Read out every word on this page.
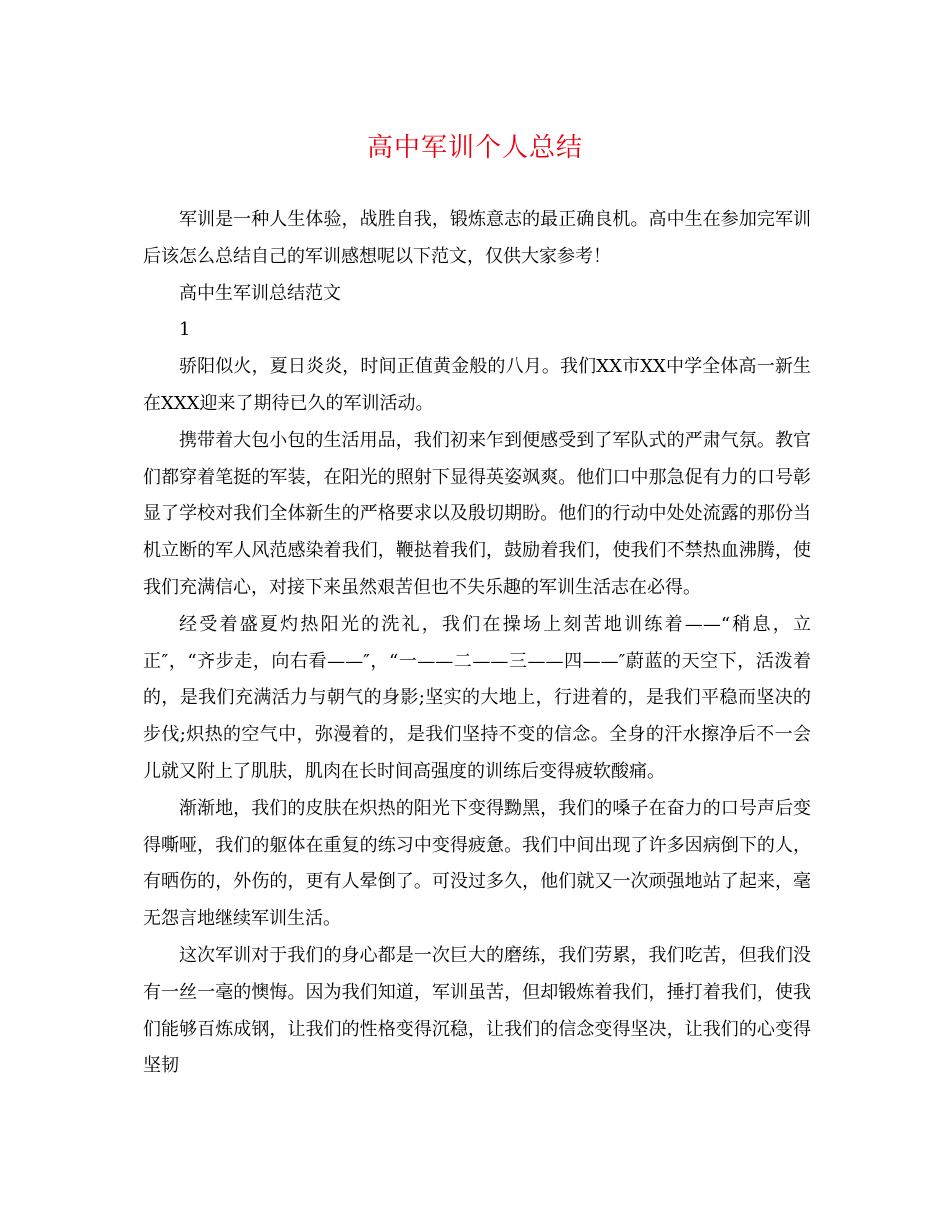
高中军训个人总结

军训是一种人生体验，战胜自我，锻炼意志的最正确良机。高中生在参加完军训后该怎么总结自己的军训感想呢以下范文，仅供大家参考！

高中生军训总结范文

1

骄阳似火，夏日炎炎，时间正值黄金般的八月。我们XX市XX中学全体高一新生在XXX迎来了期待已久的军训活动。

携带着大包小包的生活用品，我们初来乍到便感受到了军队式的严肃气氛。教官们都穿着笔挺的军装，在阳光的照射下显得英姿飒爽。他们口中那急促有力的口号彰显了学校对我们全体新生的严格要求以及殷切期盼。他们的行动中处处流露的那份当机立断的军人风范感染着我们，鞭挞着我们，鼓励着我们，使我们不禁热血沸腾，使我们充满信心，对接下来虽然艰苦但也不失乐趣的军训生活志在必得。

经受着盛夏灼热阳光的洗礼，我们在操场上刻苦地训练着——“稍息，立正″，“齐步走，向右看——″，“一——二——三——四——″蔚蓝的天空下，活泼着的，是我们充满活力与朝气的身影;坚实的大地上，行进着的，是我们平稳而坚决的步伐;炽热的空气中，弥漫着的，是我们坚持不变的信念。全身的汗水擦净后不一会儿就又附上了肌肤，肌肉在长时间高强度的训练后变得疲软酸痛。

渐渐地，我们的皮肤在炽热的阳光下变得黝黑，我们的嗓子在奋力的口号声后变得嘶哑，我们的躯体在重复的练习中变得疲惫。我们中间出现了许多因病倒下的人，有晒伤的，外伤的，更有人晕倒了。可没过多久，他们就又一次顽强地站了起来，毫无怨言地继续军训生活。

这次军训对于我们的身心都是一次巨大的磨练，我们劳累，我们吃苦，但我们没有一丝一毫的懊悔。因为我们知道，军训虽苦，但却锻炼着我们，捶打着我们，使我们能够百炼成钢，让我们的性格变得沉稳，让我们的信念变得坚决，让我们的心变得坚韧
